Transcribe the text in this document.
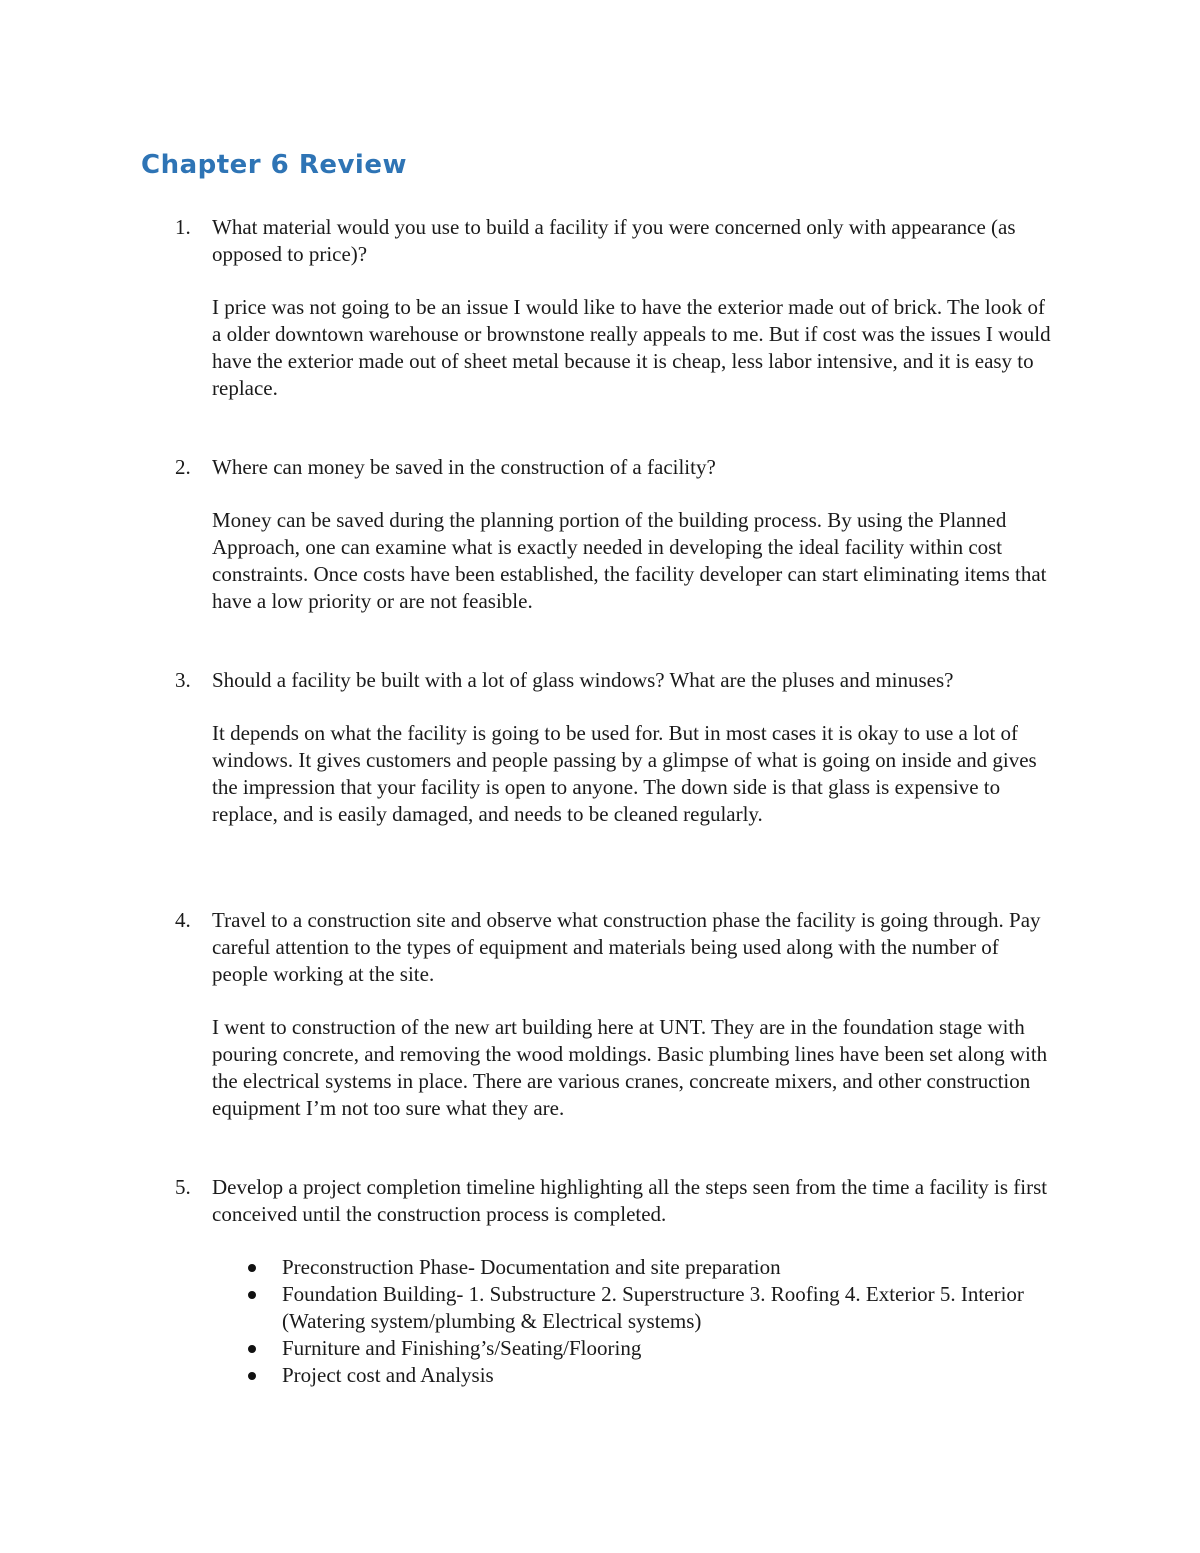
Chapter 6 Review
1. What material would you use to build a facility if you were concerned only with appearance (as opposed to price)?

I price was not going to be an issue I would like to have the exterior made out of brick. The look of a older downtown warehouse or brownstone really appeals to me. But if cost was the issues I would have the exterior made out of sheet metal because it is cheap, less labor intensive, and it is easy to replace.

2. Where can money be saved in the construction of a facility?

Money can be saved during the planning portion of the building process. By using the Planned Approach, one can examine what is exactly needed in developing the ideal facility within cost constraints. Once costs have been established, the facility developer can start eliminating items that have a low priority or are not feasible.

3. Should a facility be built with a lot of glass windows? What are the pluses and minuses?

It depends on what the facility is going to be used for. But in most cases it is okay to use a lot of windows. It gives customers and people passing by a glimpse of what is going on inside and gives the impression that your facility is open to anyone. The down side is that glass is expensive to replace, and is easily damaged, and needs to be cleaned regularly.

4. Travel to a construction site and observe what construction phase the facility is going through. Pay careful attention to the types of equipment and materials being used along with the number of people working at the site.

I went to construction of the new art building here at UNT. They are in the foundation stage with pouring concrete, and removing the wood moldings. Basic plumbing lines have been set along with the electrical systems in place. There are various cranes, concreate mixers, and other construction equipment I’m not too sure what they are.

5. Develop a project completion timeline highlighting all the steps seen from the time a facility is first conceived until the construction process is completed.

Preconstruction Phase- Documentation and site preparation
Foundation Building- 1. Substructure 2. Superstructure 3. Roofing 4. Exterior 5. Interior (Watering system/plumbing & Electrical systems)
Furniture and Finishing’s/Seating/Flooring
Project cost and Analysis
